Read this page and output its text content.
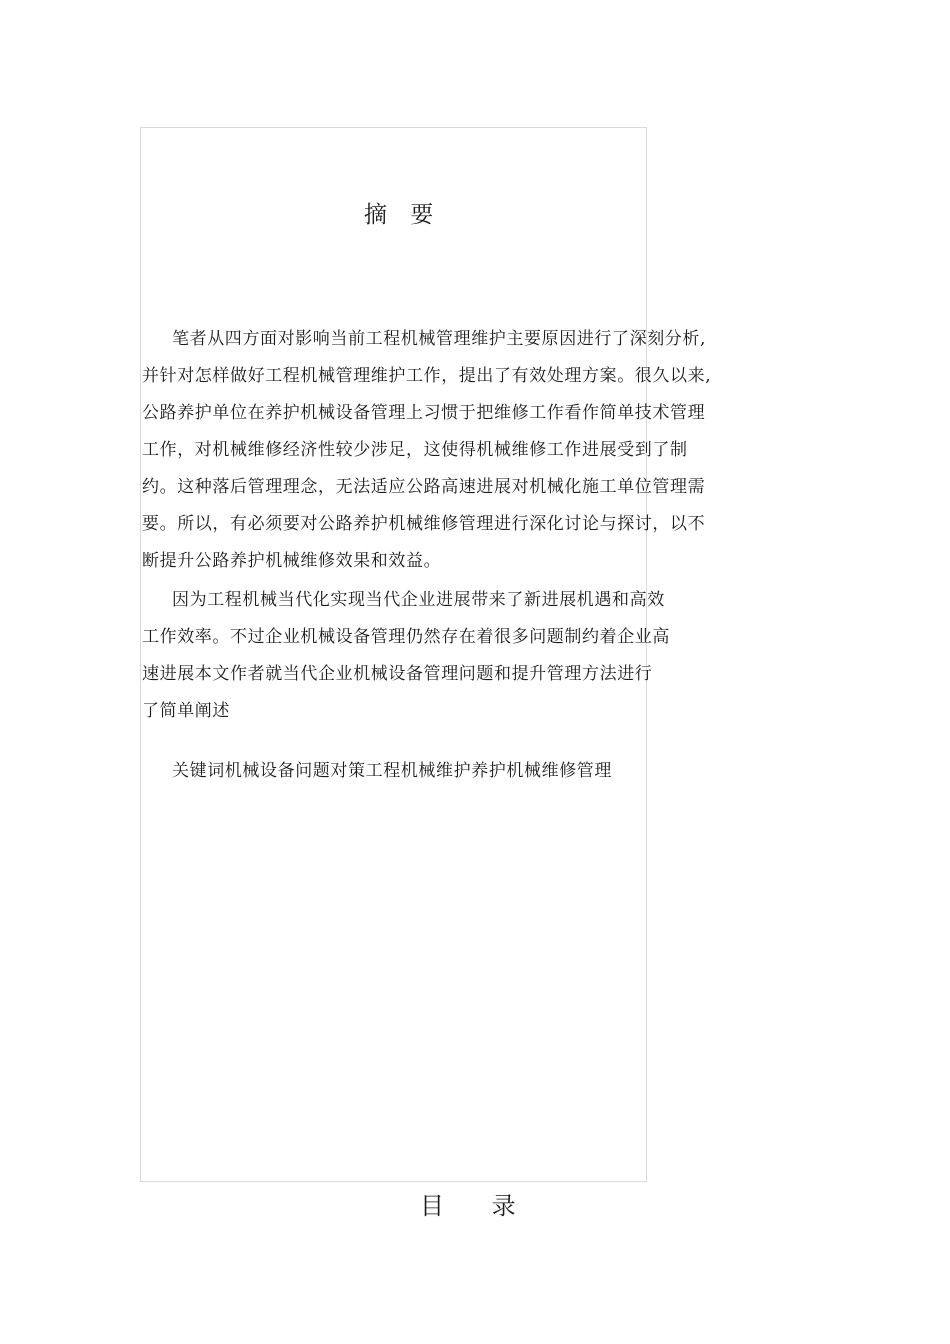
摘 要
笔者从四方面对影响当前工程机械管理维护主要原因进行了深刻分析,
并针对怎样做好工程机械管理维护工作，提出了有效处理方案。很久以来,
公路养护单位在养护机械设备管理上习惯于把维修工作看作简单技术管理
工作，对机械维修经济性较少涉足，这使得机械维修工作进展受到了制
约。这种落后管理理念，无法适应公路高速进展对机械化施工单位管理需
要。所以，有必须要对公路养护机械维修管理进行深化讨论与探讨，以不
断提升公路养护机械维修效果和效益。
因为工程机械当代化实现当代企业进展带来了新进展机遇和高效
工作效率。不过企业机械设备管理仍然存在着很多问题制约着企业高
速进展本文作者就当代企业机械设备管理问题和提升管理方法进行
了简单阐述
关键词机械设备问题对策工程机械维护养护机械维修管理
目 录
